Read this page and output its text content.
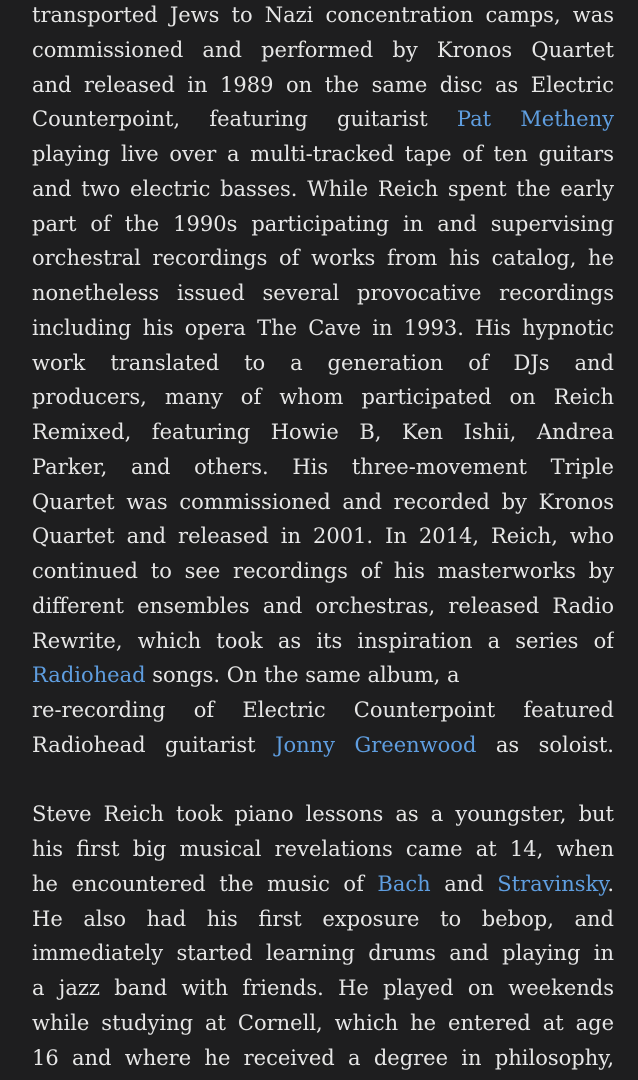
transported Jews to Nazi concentration camps, was
commissioned and performed by Kronos Quartet
and released in 1989 on the same disc as Electric
Counterpoint, featuring guitarist Pat Metheny
playing live over a multi-tracked tape of ten guitars
and two electric basses. While Reich spent the early
part of the 1990s participating in and supervising
orchestral recordings of works from his catalog, he
nonetheless issued several provocative recordings
including his opera The Cave in 1993. His hypnotic
work translated to a generation of DJs and
producers, many of whom participated on Reich
Remixed, featuring Howie B, Ken Ishii, Andrea
Parker, and others. His three-movement Triple
Quartet was commissioned and recorded by Kronos
Quartet and released in 2001. In 2014, Reich, who
continued to see recordings of his masterworks by
different ensembles and orchestras, released Radio
Rewrite, which took as its inspiration a series of
Radiohead songs. On the same album, a
re-recording of Electric Counterpoint featured
Radiohead guitarist Jonny Greenwood as soloist.
Steve Reich took piano lessons as a youngster, but
his first big musical revelations came at 14, when
he encountered the music of Bach and Stravinsky.
He also had his first exposure to bebop, and
immediately started learning drums and playing in
a jazz band with friends. He played on weekends
while studying at Cornell, which he entered at age
16 and where he received a degree in philosophy,
